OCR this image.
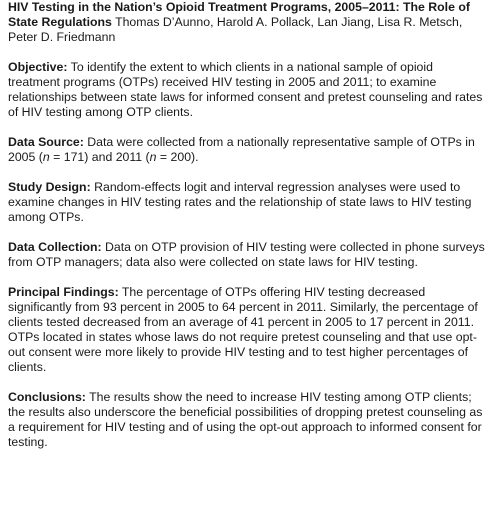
HIV Testing in the Nation’s Opioid Treatment Programs, 2005–2011: The Role of State Regulations Thomas D’Aunno, Harold A. Pollack, Lan Jiang, Lisa R. Metsch, Peter D. Friedmann

Objective: To identify the extent to which clients in a national sample of opioid treatment programs (OTPs) received HIV testing in 2005 and 2011; to examine relationships between state laws for informed consent and pretest counseling and rates of HIV testing among OTP clients.

Data Source: Data were collected from a nationally representative sample of OTPs in 2005 (n = 171) and 2011 (n = 200).

Study Design: Random-effects logit and interval regression analyses were used to examine changes in HIV testing rates and the relationship of state laws to HIV testing among OTPs.

Data Collection: Data on OTP provision of HIV testing were collected in phone surveys from OTP managers; data also were collected on state laws for HIV testing.

Principal Findings: The percentage of OTPs offering HIV testing decreased significantly from 93 percent in 2005 to 64 percent in 2011. Similarly, the percentage of clients tested decreased from an average of 41 percent in 2005 to 17 percent in 2011. OTPs located in states whose laws do not require pretest counseling and that use opt-out consent were more likely to provide HIV testing and to test higher percentages of clients.

Conclusions: The results show the need to increase HIV testing among OTP clients; the results also underscore the beneficial possibilities of dropping pretest counseling as a requirement for HIV testing and of using the opt-out approach to informed consent for testing.
